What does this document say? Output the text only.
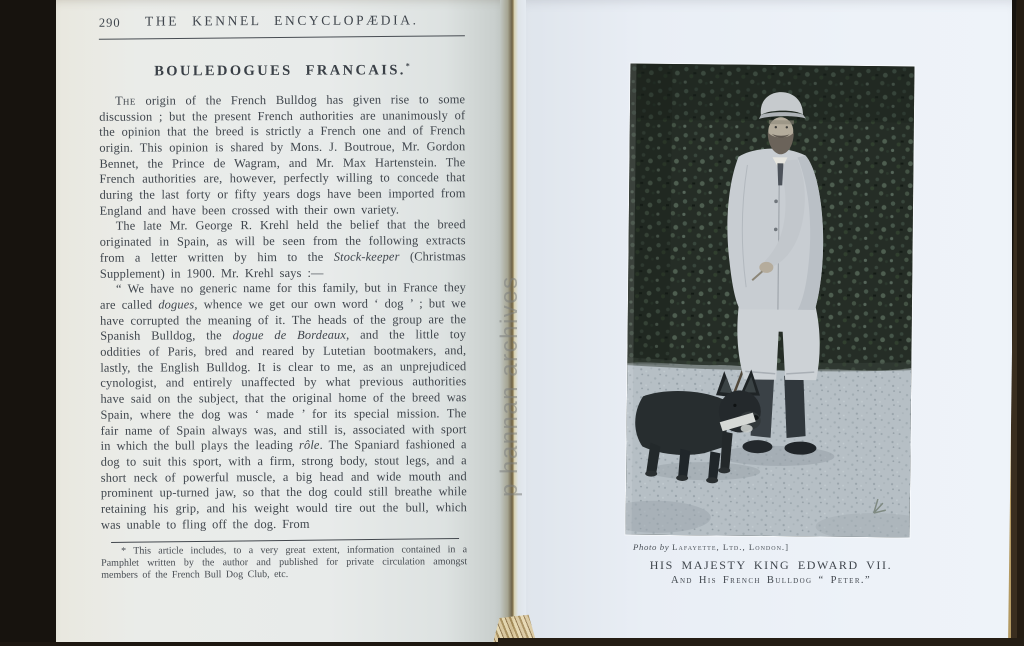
290	THE KENNEL ENCYCLOPÆDIA.
BOULEDOGUES FRANCAIS.*

The origin of the French Bulldog has given rise to some discussion ; but the present French authorities are unanimously of the opinion that the breed is strictly a French one and of French origin. This opinion is shared by Mons. J. Boutroue, Mr. Gordon Bennet, the Prince de Wagram, and Mr. Max Hartenstein. The French authorities are, however, perfectly willing to concede that during the last forty or fifty years dogs have been imported from England and have been crossed with their own variety.

The late Mr. George R. Krehl held the belief that the breed originated in Spain, as will be seen from the following extracts from a letter written by him to the Stock-keeper (Christmas Supplement) in 1900. Mr. Krehl says :—

“ We have no generic name for this family, but in France they are called dogues, whence we get our own word ‘ dog ’ ; but we have corrupted the meaning of it. The heads of the group are the Spanish Bulldog, the dogue de Bordeaux, and the little toy oddities of Paris, bred and reared by Lutetian bootmakers, and, lastly, the English Bulldog. It is clear to me, as an unprejudiced cynologist, and entirely unaffected by what previous authorities have said on the subject, that the original home of the breed was Spain, where the dog was ‘ made ’ for its special mission. The fair name of Spain always was, and still is, associated with sport in which the bull plays the leading rôle. The Spaniard fashioned a dog to suit this sport, with a firm, strong body, stout legs, and a short neck of powerful muscle, a big head and wide mouth and prominent up-turned jaw, so that the dog could still breathe while retaining his grip, and his weight would tire out the bull, which was unable to fling off the dog. From

* This article includes, to a very great extent, information contained in a Pamphlet written by the author and published for private circulation amongst members of the French Bull Dog Club, etc.

Photo by Lafayette, Ltd., London.]
HIS MAJESTY KING EDWARD VII.
And His French Bulldog “ Peter.”
p hannan archives
